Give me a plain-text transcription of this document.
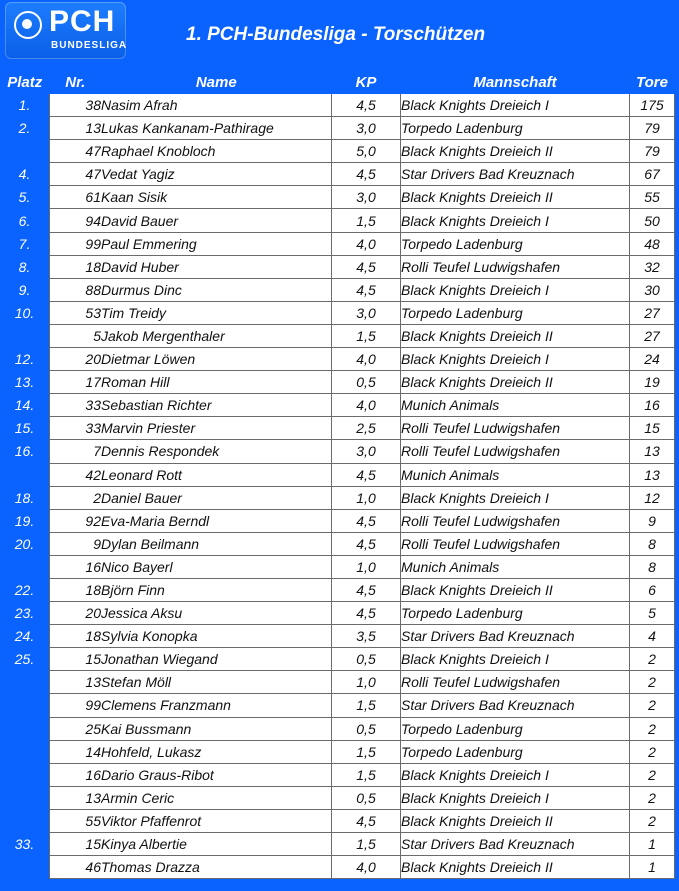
PCH
BUNDESLIGA
1. PCH-Bundesliga - Torschützen
Platz	Nr.	Name	KP	Mannschaft	Tore
1.	38	Nasim Afrah	4,5	Black Knights Dreieich I	175
2.	13	Lukas Kankanam-Pathirage	3,0	Torpedo Ladenburg	79
	47	Raphael Knobloch	5,0	Black Knights Dreieich II	79
4.	47	Vedat Yagiz	4,5	Star Drivers Bad Kreuznach	67
5.	61	Kaan Sisik	3,0	Black Knights Dreieich II	55
6.	94	David Bauer	1,5	Black Knights Dreieich I	50
7.	99	Paul Emmering	4,0	Torpedo Ladenburg	48
8.	18	David Huber	4,5	Rolli Teufel Ludwigshafen	32
9.	88	Durmus Dinc	4,5	Black Knights Dreieich I	30
10.	53	Tim Treidy	3,0	Torpedo Ladenburg	27
	5	Jakob Mergenthaler	1,5	Black Knights Dreieich II	27
12.	20	Dietmar Löwen	4,0	Black Knights Dreieich I	24
13.	17	Roman Hill	0,5	Black Knights Dreieich II	19
14.	33	Sebastian Richter	4,0	Munich Animals	16
15.	33	Marvin Priester	2,5	Rolli Teufel Ludwigshafen	15
16.	7	Dennis Respondek	3,0	Rolli Teufel Ludwigshafen	13
	42	Leonard Rott	4,5	Munich Animals	13
18.	2	Daniel Bauer	1,0	Black Knights Dreieich I	12
19.	92	Eva-Maria Berndl	4,5	Rolli Teufel Ludwigshafen	9
20.	9	Dylan Beilmann	4,5	Rolli Teufel Ludwigshafen	8
	16	Nico Bayerl	1,0	Munich Animals	8
22.	18	Björn Finn	4,5	Black Knights Dreieich II	6
23.	20	Jessica Aksu	4,5	Torpedo Ladenburg	5
24.	18	Sylvia Konopka	3,5	Star Drivers Bad Kreuznach	4
25.	15	Jonathan Wiegand	0,5	Black Knights Dreieich I	2
	13	Stefan Möll	1,0	Rolli Teufel Ludwigshafen	2
	99	Clemens Franzmann	1,5	Star Drivers Bad Kreuznach	2
	25	Kai Bussmann	0,5	Torpedo Ladenburg	2
	14	Hohfeld, Lukasz	1,5	Torpedo Ladenburg	2
	16	Dario Graus-Ribot	1,5	Black Knights Dreieich I	2
	13	Armin Ceric	0,5	Black Knights Dreieich I	2
	55	Viktor Pfaffenrot	4,5	Black Knights Dreieich II	2
33.	15	Kinya Albertie	1,5	Star Drivers Bad Kreuznach	1
	46	Thomas Drazza	4,0	Black Knights Dreieich II	1
